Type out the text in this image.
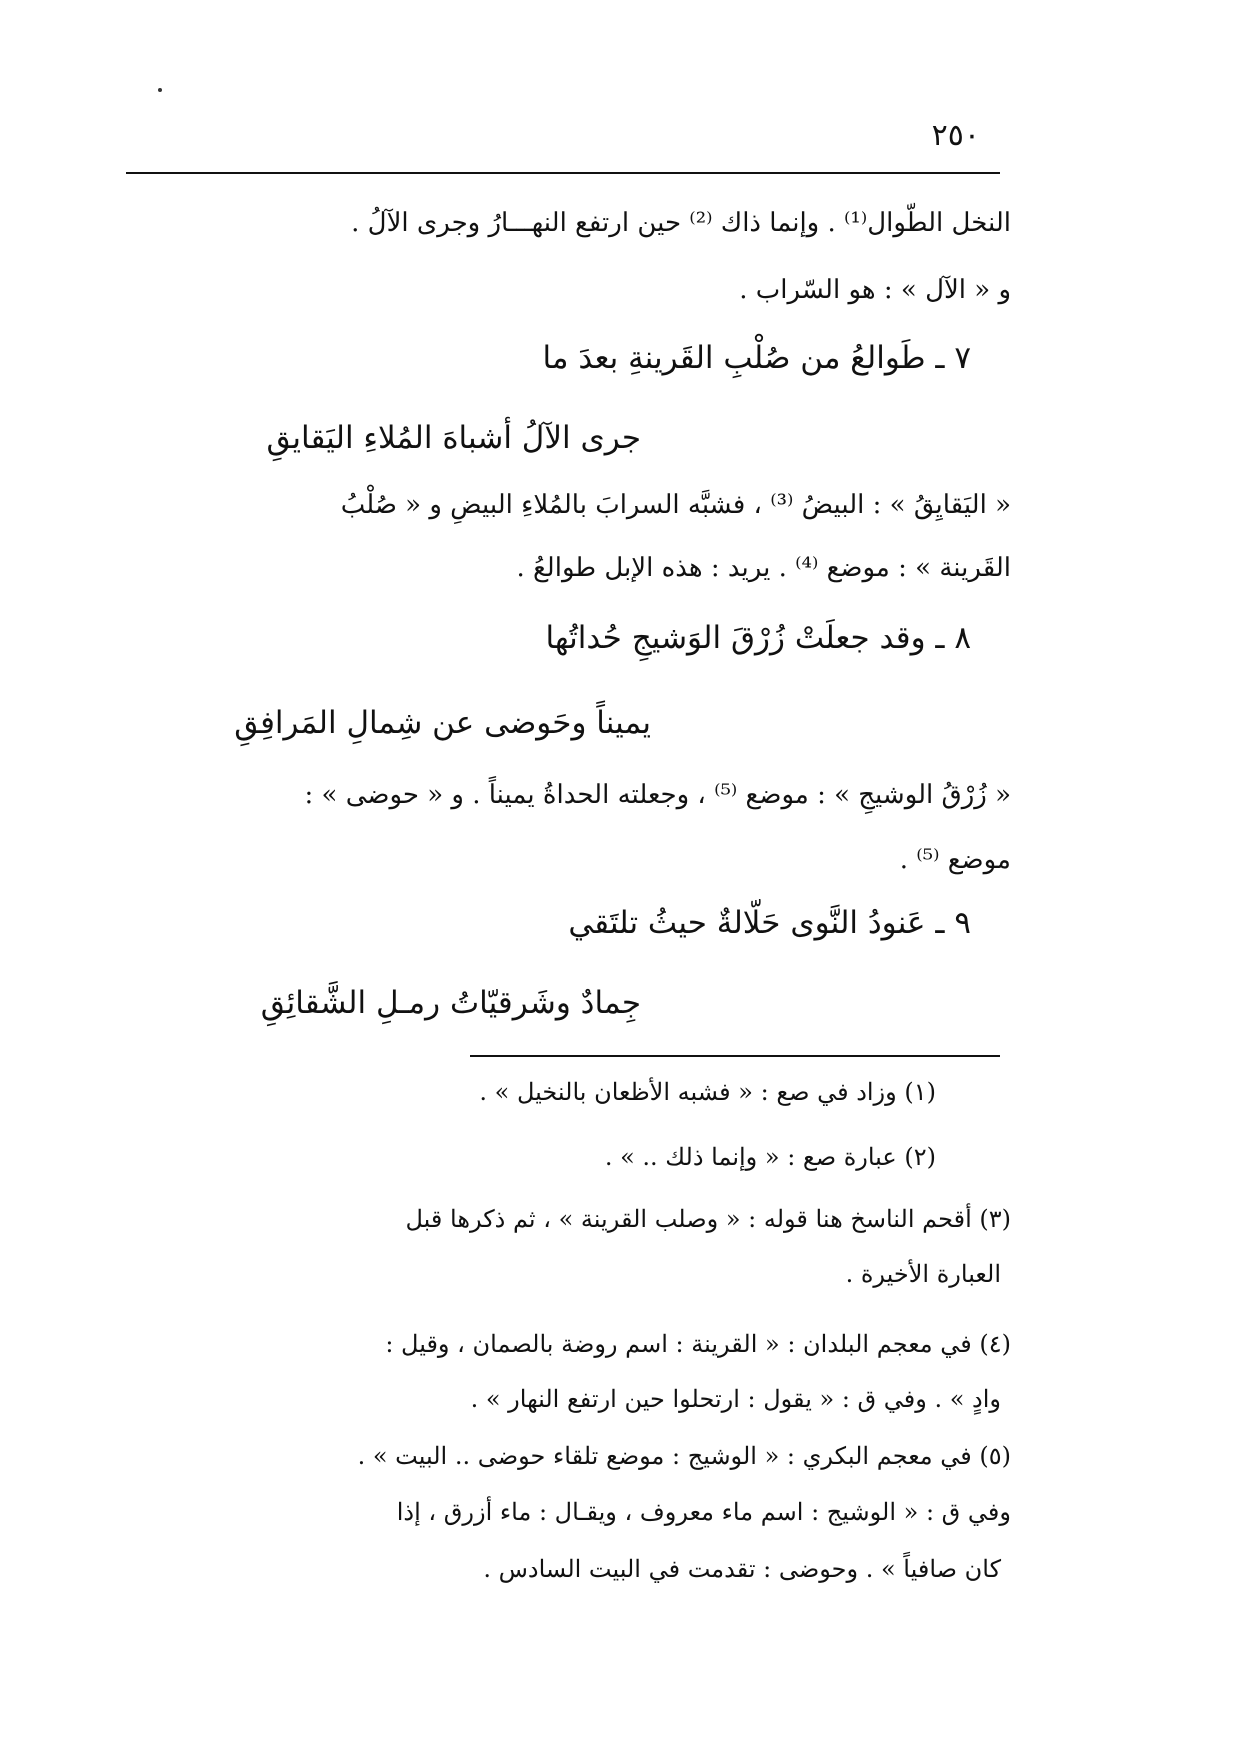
٢٥٠
النخل الطّوال⁽¹⁾ . وإنما ذاك ⁽²⁾ حين ارتفع النهـــارُ وجرى الآلُ .
و « الآل » : هو السّراب .
٧ ـ طَوالعُ من صُلْبِ القَرينةِ بعدَ ما
جرى الآلُ أشباهَ المُلاءِ اليَقايقِ
« اليَقايِقُ » : البيضُ ⁽³⁾ ، فشبَّه السرابَ بالمُلاءِ البيضِ و « صُلْبُ
القَرينة » : موضع ⁽⁴⁾ . يريد : هذه الإبل طوالعُ .
٨ ـ وقد جعلَتْ زُرْقَ الوَشيجِ حُداتُها
يميناً وحَوضى عن شِمالِ المَرافِقِ
« زُرْقُ الوشيجِ » : موضع ⁽⁵⁾ ، وجعلته الحداةُ يميناً . و « حوضى » :
موضع ⁽⁵⁾ .
٩ ـ عَنودُ النَّوى حَلّالةٌ حيثُ تلتَقي
جِمادٌ وشَرقيّاتُ رمـلِ الشَّقائِقِ
(١) وزاد في صع : « فشبه الأظعان بالنخيل » .
(٢) عبارة صع : « وإنما ذلك .. » .
(٣) أقحم الناسخ هنا قوله : « وصلب القرينة » ، ثم ذكرها قبل
العبارة الأخيرة .
(٤) في معجم البلدان : « القرينة : اسم روضة بالصمان ، وقيل :
وادٍ » . وفي ق : « يقول : ارتحلوا حين ارتفع النهار » .
(٥) في معجم البكري : « الوشيج : موضع تلقاء حوضى .. البيت » .
وفي ق : « الوشيج : اسم ماء معروف ، ويقـال : ماء أزرق ، إذا
كان صافياً » . وحوضى : تقدمت في البيت السادس .
